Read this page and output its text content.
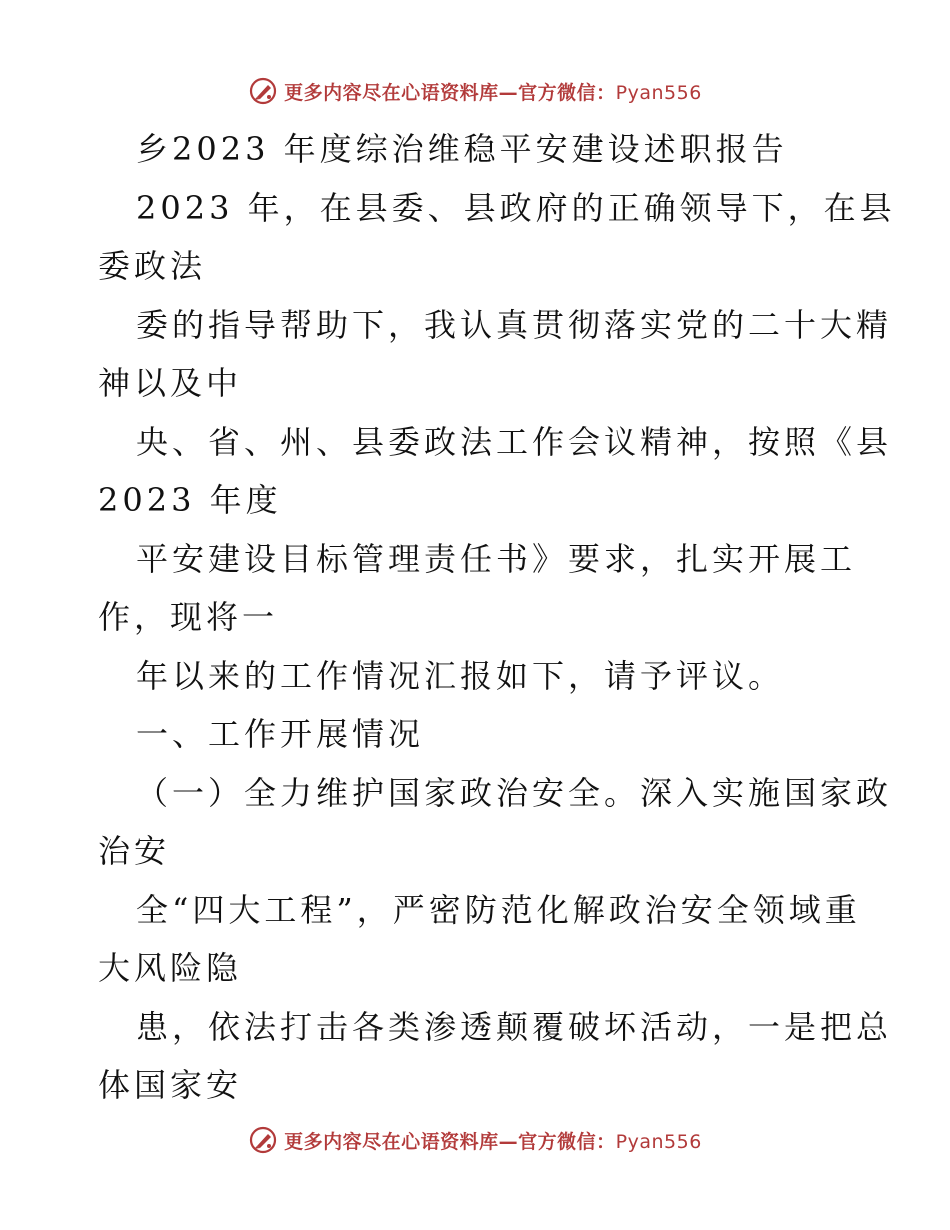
更多内容尽在心语资料库—官方微信：Pyan556
乡2023 年度综治维稳平安建设述职报告
2023 年，在县委、县政府的正确领导下，在县
委政法
委的指导帮助下，我认真贯彻落实党的二十大精
神以及中
央、省、州、县委政法工作会议精神，按照《县
2023 年度
平安建设目标管理责任书》要求，扎实开展工
作，现将一
年以来的工作情况汇报如下，请予评议。
一、工作开展情况
（一）全力维护国家政治安全。深入实施国家政
治安
全“四大工程”，严密防范化解政治安全领域重
大风险隐
患，依法打击各类渗透颠覆破坏活动，一是把总
体国家安
更多内容尽在心语资料库—官方微信：Pyan556
